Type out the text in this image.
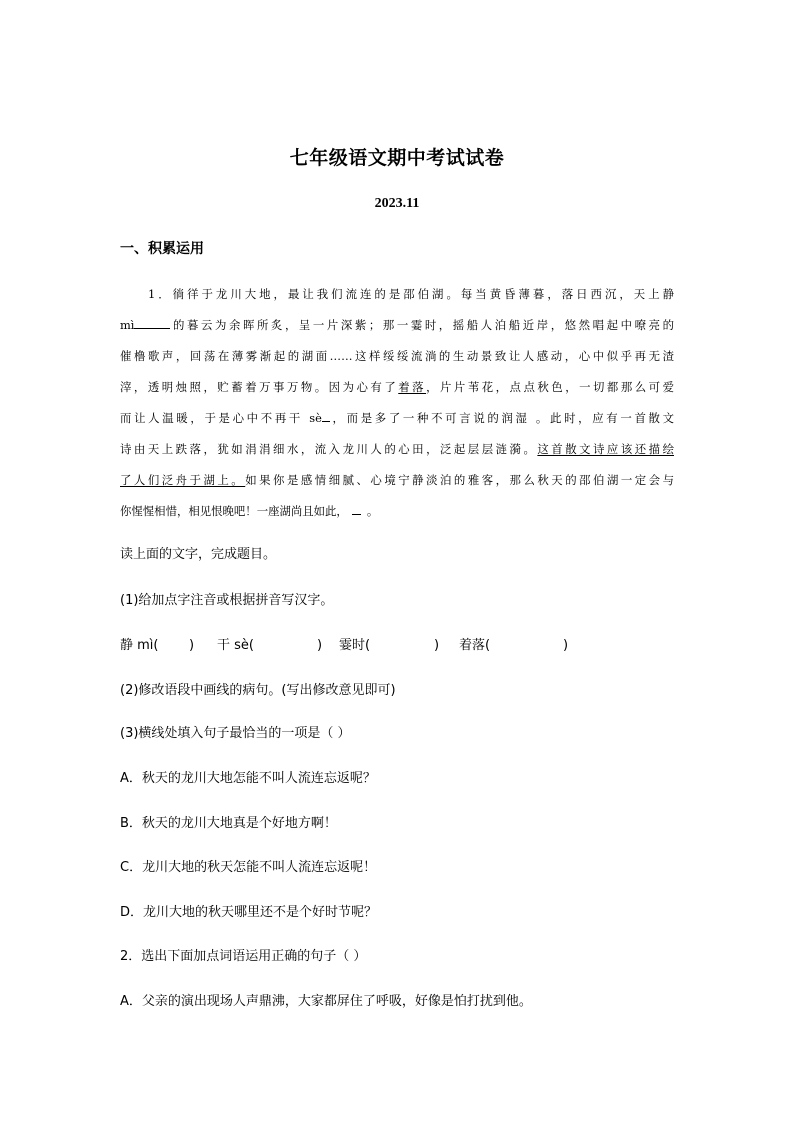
七年级语文期中考试试卷
2023.11
一、积累运用
1．徜徉于龙川大地，最让我们流连的是邵伯湖。每当黄昏薄暮，落日西沉，天上静
mì	的暮云为余晖所炙，呈一片深紫；那一霎时，摇船人泊船近岸，悠然唱起中嘹亮的
催橹歌声，回荡在薄雾渐起的湖面……这样绥绥流淌的生动景致让人感动，心中似乎再无渣
滓，透明烛照，贮蓄着万事万物。因为心有了着落，片片苇花，点点秋色，一切都那么可爱
而让人温暖，于是心中不再干 sè ，而是多了一种不可言说的润湿 。此时，应有一首散文
诗由天上跌落，犹如涓涓细水，流入龙川人的心田，泛起层层涟漪。这首散文诗应该还描绘
了人们泛舟于湖上。如果你是感情细腻、心境宁静淡泊的雅客，那么秋天的邵伯湖一定会与
你惺惺相惜，相见恨晚吧！一座湖尚且如此， 。
读上面的文字，完成题目。
(1)给加点字注音或根据拼音写汉字。
静 mì( ) 干 sè(	) 霎时(	) 着落(	)
(2)修改语段中画线的病句。(写出修改意见即可)
(3)横线处填入句子最恰当的一项是（ ）
A．秋天的龙川大地怎能不叫人流连忘返呢？
B．秋天的龙川大地真是个好地方啊！
C．龙川大地的秋天怎能不叫人流连忘返呢！
D．龙川大地的秋天哪里还不是个好时节呢？
2．选出下面加点词语运用正确的句子（ ）
A．父亲的演出现场人声鼎沸，大家都屏住了呼吸，好像是怕打扰到他。
